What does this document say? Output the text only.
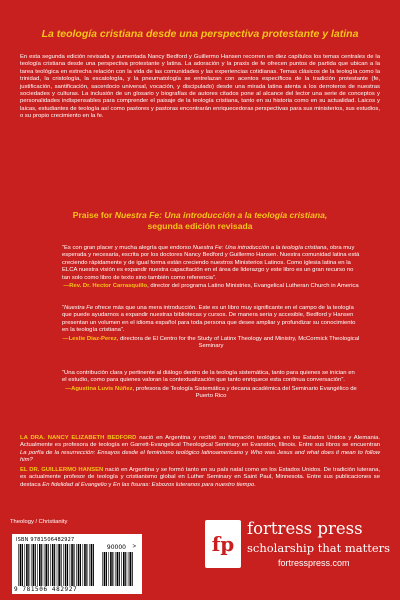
La teología cristiana desde una perspectiva protestante y latina

En esta segunda edición revisada y aumentada Nancy Bedford y Guillermo Hansen recorren en diez capítulos los temas centrales de la teología cristiana desde una perspectiva protestante y latina. La adoración y la praxis de fe ofrecen puntos de partida que ubican a la tarea teológica en estrecha relación con la vida de las comunidades y las experiencias cotidianas. Temas clásicos de la teología como la trinidad, la cristología, la escatología, y la pneumatología se entrelazan con acentos específicos de la tradición protestante (fe, justificación, santificación, sacerdocio universal, vocación, y discipulado) desde una mirada latina atenta a los derroteros de nuestras sociedades y culturas. La inclusión de un glosario y biografías de autores citados pone al alcance del lector una serie de conceptos y personalidades indispensables para comprender el paisaje de la teología cristiana, tanto en su historia como en su actualidad. Laicos y laicas, estudiantes de teología así como pastores y pastoras encontrarán enriquecedoras perspectivas para sus ministerios, sus estudios, o su propio crecimiento en la fe.

Praise for Nuestra Fe: Una introducción a la teología cristiana,
segunda edición revisada
“Es con gran placer y mucha alegría que endorso Nuestra Fe: Una introducción a la teología cristiana, obra muy esperada y necesaria, escrita por los doctores Nancy Bedford y Guillermo Hansen. Nuestra comunidad latina está creciendo rápidamente y de igual forma están creciendo nuestros Ministerios Latinos. Como iglesia latina en la ELCA nuestra visión es expandir nuestra capacitación en el área de liderazgo y este libro es un gran recurso no tan solo como libro de texto sino también como referencia”.
—Rev. Dr. Hector Carrasquillo, director del programa Latino Ministries, Evangelical Lutheran Church in America
“Nuestra Fe ofrece más que una mera introducción. Este es un libro muy significante en el campo de la teología que puede ayudarnos a expandir nuestras bibliotecas y cursos. De manera seria y accesible, Bedford y Hansen presentan un volumen en el idioma español para toda persona que desee ampliar y profundizar su conocimiento en la teología cristiana”.
—Leslie Diaz-Perez, directora de El Centro for the Study of Latinx Theology and Ministry, McCormick Theological Seminary
“Una contribución clara y pertinente al diálogo dentro de la teología sistemática, tanto para quienes se inician en el estudio, como para quienes valoran la contextualización que tanto enriquece esta continua conversación”.
—Agustina Luvis Núñez, profesora de Teología Sistemática y decana académica del Seminario Evangélico de Puerto Rico

LA DRA. NANCY ELIZABETH BEDFORD nació en Argentina y recibió su formación teológica en los Estados Unidos y Alemania. Actualmente es profesora de teología en Garrett-Evangelical Theological Seminary en Evanston, Illinois. Entre sus libros se encuentran La porfía de la resurrección: Ensayos desde el feminismo teológico latinoamericano y Who was Jesus and what does it mean to follow him?

EL DR. GUILLERMO HANSEN nació en Argentina y se formó tanto en su país natal como en los Estados Unidos. De tradición luterana, es actualmente profesor de teología y cristianismo global en Luther Seminary en Saint Paul, Minnesota. Entre sus publicaciones se destaca En fidelidad al Evangelio y En las fisuras: Esbozos luteranos para nuestro tiempo.

Theology / Christianity
ISBN 9781506482927
90000 >
9 781506 482927
fp
fortress press
scholarship that matters
fortresspress.com
